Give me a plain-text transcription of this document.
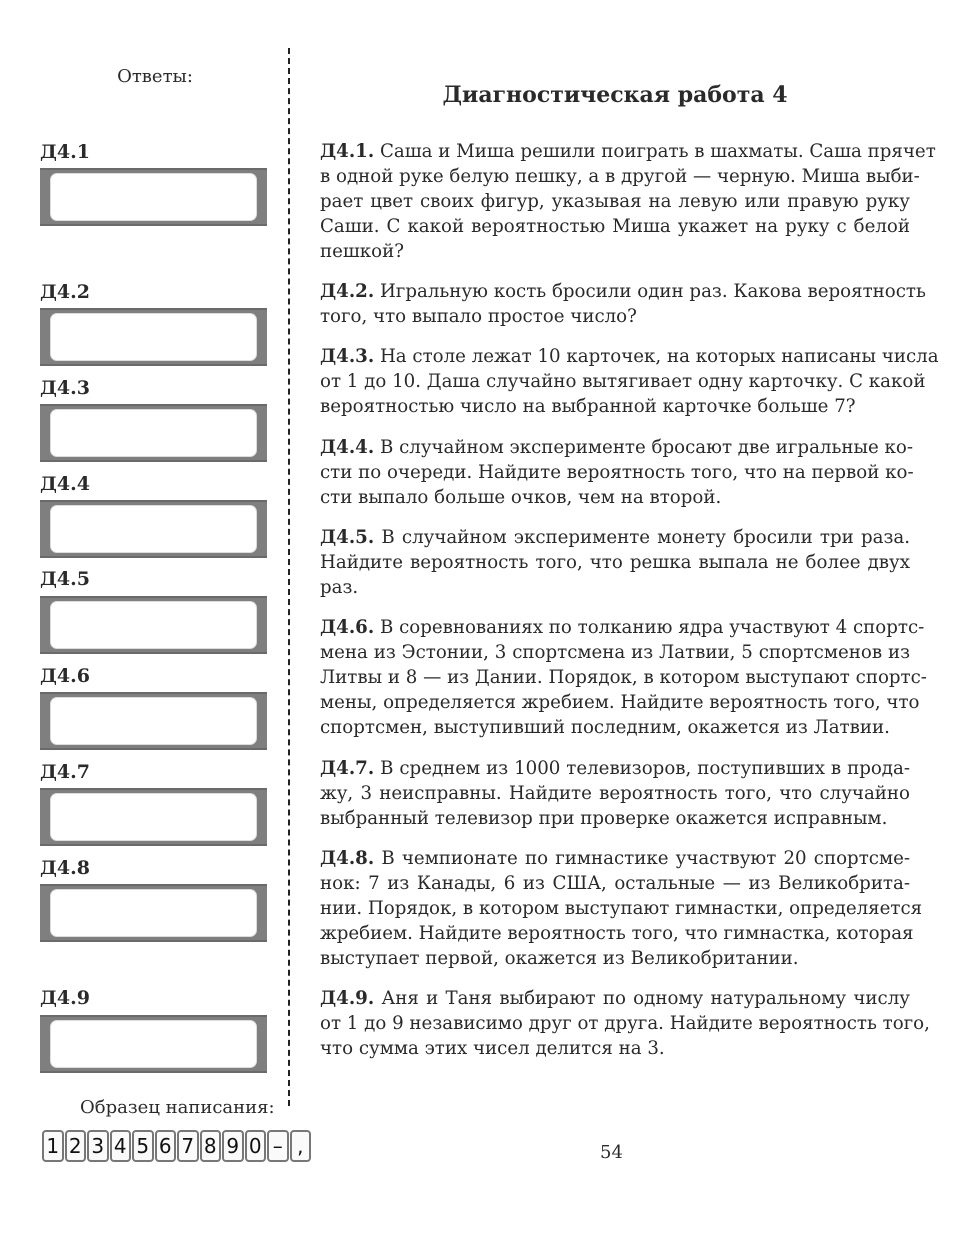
Ответы:
Диагностическая работа 4
Д4.1
Д4.2
Д4.3
Д4.4
Д4.5
Д4.6
Д4.7
Д4.8
Д4.9
Д4.1. Саша и Миша решили поиграть в шахматы. Саша прячет
в одной руке белую пешку, а в другой — черную. Миша выби-
рает цвет своих фигур, указывая на левую или правую руку
Саши. С какой вероятностью Миша укажет на руку с белой
пешкой?
Д4.2. Игральную кость бросили один раз. Какова вероятность
того, что выпало простое число?
Д4.3. На столе лежат 10 карточек, на которых написаны числа
от 1 до 10. Даша случайно вытягивает одну карточку. С какой
вероятностью число на выбранной карточке больше 7?
Д4.4. В случайном эксперименте бросают две игральные ко-
сти по очереди. Найдите вероятность того, что на первой ко-
сти выпало больше очков, чем на второй.
Д4.5. В случайном эксперименте монету бросили три раза.
Найдите вероятность того, что решка выпала не более двух
раз.
Д4.6. В соревнованиях по толканию ядра участвуют 4 спортс-
мена из Эстонии, 3 спортсмена из Латвии, 5 спортсменов из
Литвы и 8 — из Дании. Порядок, в котором выступают спортс-
мены, определяется жребием. Найдите вероятность того, что
спортсмен, выступивший последним, окажется из Латвии.
Д4.7. В среднем из 1000 телевизоров, поступивших в прода-
жу, 3 неисправны. Найдите вероятность того, что случайно
выбранный телевизор при проверке окажется исправным.
Д4.8. В чемпионате по гимнастике участвуют 20 спортсме-
нок: 7 из Канады, 6 из США, остальные — из Великобрита-
нии. Порядок, в котором выступают гимнастки, определяется
жребием. Найдите вероятность того, что гимнастка, которая
выступает первой, окажется из Великобритании.
Д4.9. Аня и Таня выбирают по одному натуральному числу
от 1 до 9 независимо друг от друга. Найдите вероятность того,
что сумма этих чисел делится на 3.
Образец написания:
1 2 3 4 5 6 7 8 9 0 – ,	54
